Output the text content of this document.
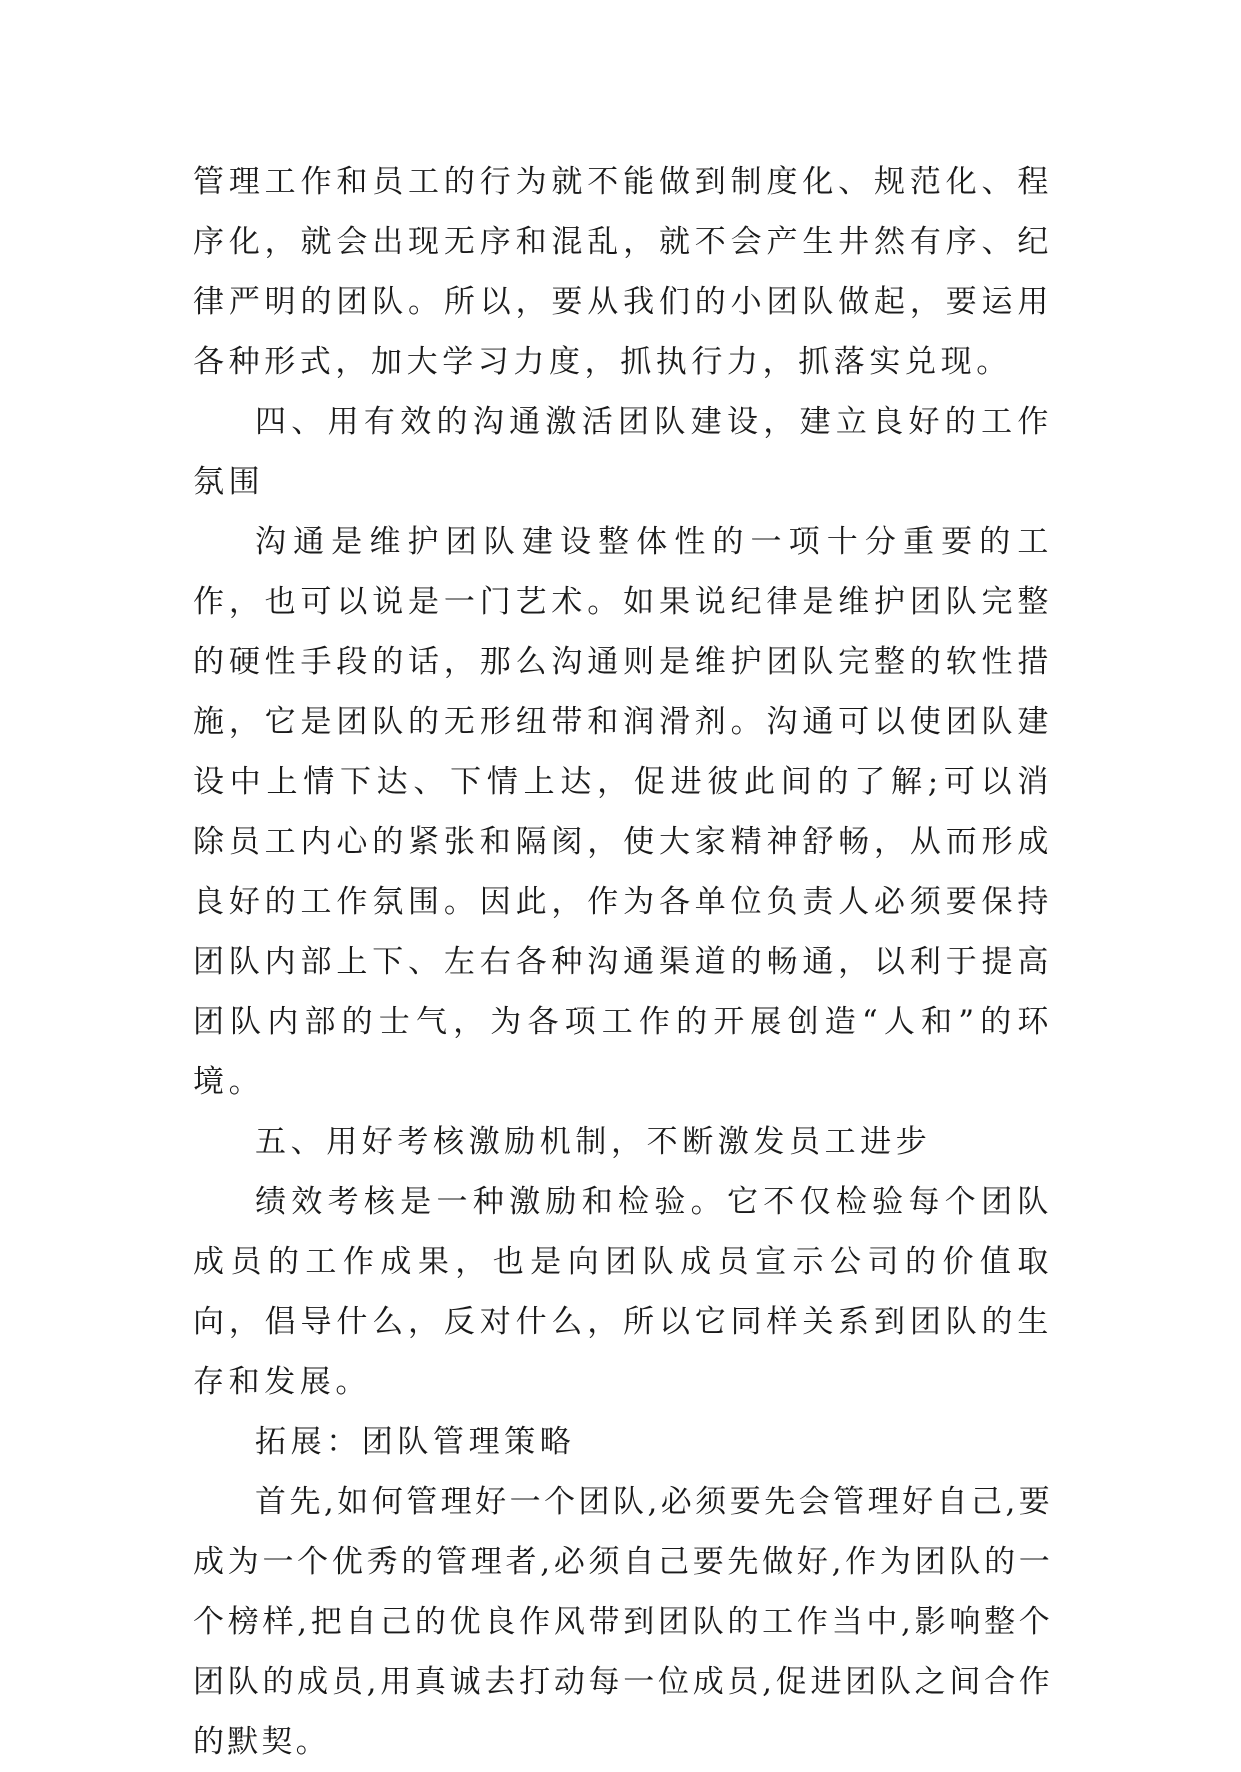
管理工作和员工的行为就不能做到制度化、规范化、程序化，就会出现无序和混乱，就不会产生井然有序、纪律严明的团队。所以，要从我们的小团队做起，要运用各种形式，加大学习力度，抓执行力，抓落实兑现。

四、用有效的沟通激活团队建设，建立良好的工作氛围

沟通是维护团队建设整体性的一项十分重要的工作，也可以说是一门艺术。如果说纪律是维护团队完整的硬性手段的话，那么沟通则是维护团队完整的软性措施，它是团队的无形纽带和润滑剂。沟通可以使团队建设中上情下达、下情上达，促进彼此间的了解;可以消除员工内心的紧张和隔阂，使大家精神舒畅，从而形成良好的工作氛围。因此，作为各单位负责人必须要保持团队内部上下、左右各种沟通渠道的畅通，以利于提高团队内部的士气，为各项工作的开展创造“人和”的环境。

五、用好考核激励机制，不断激发员工进步

绩效考核是一种激励和检验。它不仅检验每个团队成员的工作成果，也是向团队成员宣示公司的价值取向，倡导什么，反对什么，所以它同样关系到团队的生存和发展。

拓展：团队管理策略

首先,如何管理好一个团队,必须要先会管理好自己,要成为一个优秀的管理者,必须自己要先做好,作为团队的一个榜样,把自己的优良作风带到团队的工作当中,影响整个团队的成员,用真诚去打动每一位成员,促进团队之间合作的默契。
